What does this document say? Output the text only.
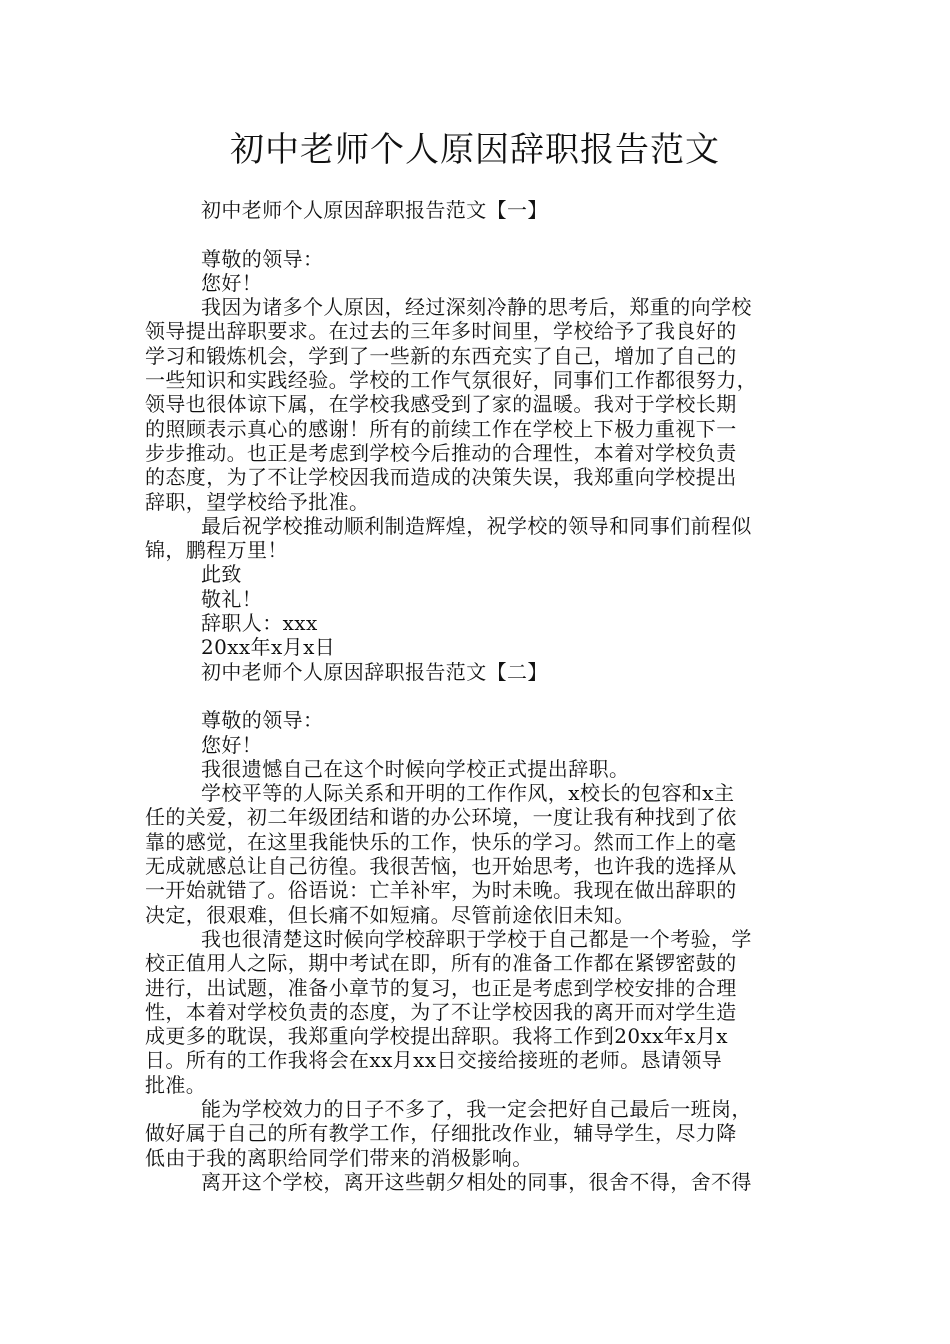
初中老师个人原因辞职报告范文

初中老师个人原因辞职报告范文【一】

尊敬的领导：

您好！

我因为诸多个人原因，经过深刻冷静的思考后，郑重的向学校

领导提出辞职要求。在过去的三年多时间里，学校给予了我良好的

学习和锻炼机会，学到了一些新的东西充实了自己，增加了自己的

一些知识和实践经验。学校的工作气氛很好，同事们工作都很努力，

领导也很体谅下属，在学校我感受到了家的温暖。我对于学校长期

的照顾表示真心的感谢！所有的前续工作在学校上下极力重视下一

步步推动。也正是考虑到学校今后推动的合理性，本着对学校负责

的态度，为了不让学校因我而造成的决策失误，我郑重向学校提出

辞职，望学校给予批准。

最后祝学校推动顺利制造辉煌，祝学校的领导和同事们前程似

锦，鹏程万里！

此致

敬礼！

辞职人：xxx

20xx年x月x日

初中老师个人原因辞职报告范文【二】

尊敬的领导：

您好！

我很遗憾自己在这个时候向学校正式提出辞职。

学校平等的人际关系和开明的工作作风，x校长的包容和x主

任的关爱，初二年级团结和谐的办公环境，一度让我有种找到了依

靠的感觉，在这里我能快乐的工作，快乐的学习。然而工作上的毫

无成就感总让自己彷徨。我很苦恼，也开始思考，也许我的选择从

一开始就错了。俗语说：亡羊补牢，为时未晚。我现在做出辞职的

决定，很艰难，但长痛不如短痛。尽管前途依旧未知。

我也很清楚这时候向学校辞职于学校于自己都是一个考验，学

校正值用人之际，期中考试在即，所有的准备工作都在紧锣密鼓的

进行，出试题，准备小章节的复习，也正是考虑到学校安排的合理

性，本着对学校负责的态度，为了不让学校因我的离开而对学生造

成更多的耽误，我郑重向学校提出辞职。我将工作到20xx年x月x

日。所有的工作我将会在xx月xx日交接给接班的老师。恳请领导

批准。

能为学校效力的日子不多了，我一定会把好自己最后一班岗，

做好属于自己的所有教学工作，仔细批改作业，辅导学生，尽力降

低由于我的离职给同学们带来的消极影响。

离开这个学校，离开这些朝夕相处的同事，很舍不得，舍不得
